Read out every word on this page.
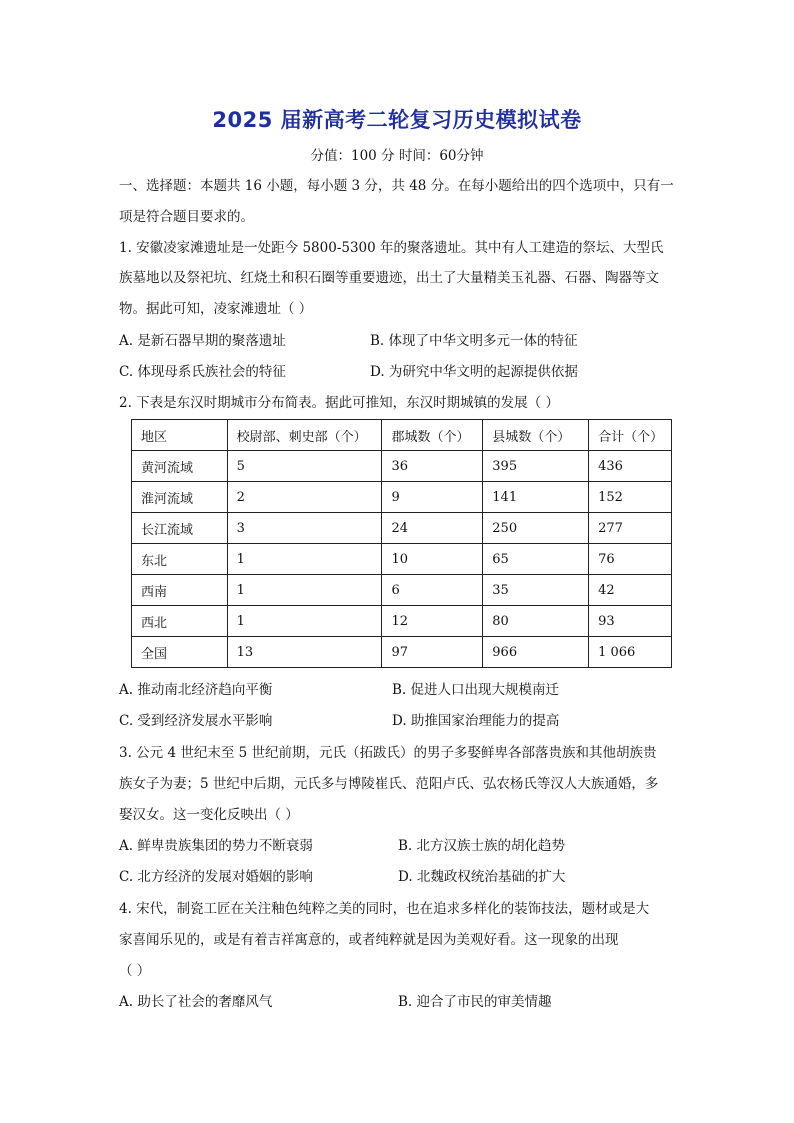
2025 届新高考二轮复习历史模拟试卷
分值：100 分 时间：60分钟
一、选择题：本题共 16 小题，每小题 3 分，共 48 分。在每小题给出的四个选项中，只有一
项是符合题目要求的。
1. 安徽凌家滩遗址是一处距今 5800-5300 年的聚落遗址。其中有人工建造的祭坛、大型氏
族墓地以及祭祀坑、红烧土和积石圈等重要遗迹，出土了大量精美玉礼器、石器、陶器等文
物。据此可知，凌家滩遗址（ ）
A. 是新石器早期的聚落遗址	B. 体现了中华文明多元一体的特征
C. 体现母系氏族社会的特征	D. 为研究中华文明的起源提供依据
2. 下表是东汉时期城市分布简表。据此可推知，东汉时期城镇的发展（ ）
地区	校尉部、刺史部（个）	郡城数（个）	县城数（个）	合计（个）
黄河流域	5	36	395	436
淮河流域	2	9	141	152
长江流域	3	24	250	277
东北	1	10	65	76
西南	1	6	35	42
西北	1	12	80	93
全国	13	97	966	1 066
A. 推动南北经济趋向平衡	B. 促进人口出现大规模南迁
C. 受到经济发展水平影响	D. 助推国家治理能力的提高
3. 公元 4 世纪末至 5 世纪前期，元氏（拓跋氏）的男子多娶鲜卑各部落贵族和其他胡族贵
族女子为妻；5 世纪中后期，元氏多与博陵崔氏、范阳卢氏、弘农杨氏等汉人大族通婚，多
娶汉女。这一变化反映出（ ）
A. 鲜卑贵族集团的势力不断衰弱	B. 北方汉族士族的胡化趋势
C. 北方经济的发展对婚姻的影响	D. 北魏政权统治基础的扩大
4. 宋代，制瓷工匠在关注釉色纯粹之美的同时，也在追求多样化的装饰技法，题材或是大
家喜闻乐见的，或是有着吉祥寓意的，或者纯粹就是因为美观好看。这一现象的出现
（ ）
A. 助长了社会的奢靡风气	B. 迎合了市民的审美情趣
